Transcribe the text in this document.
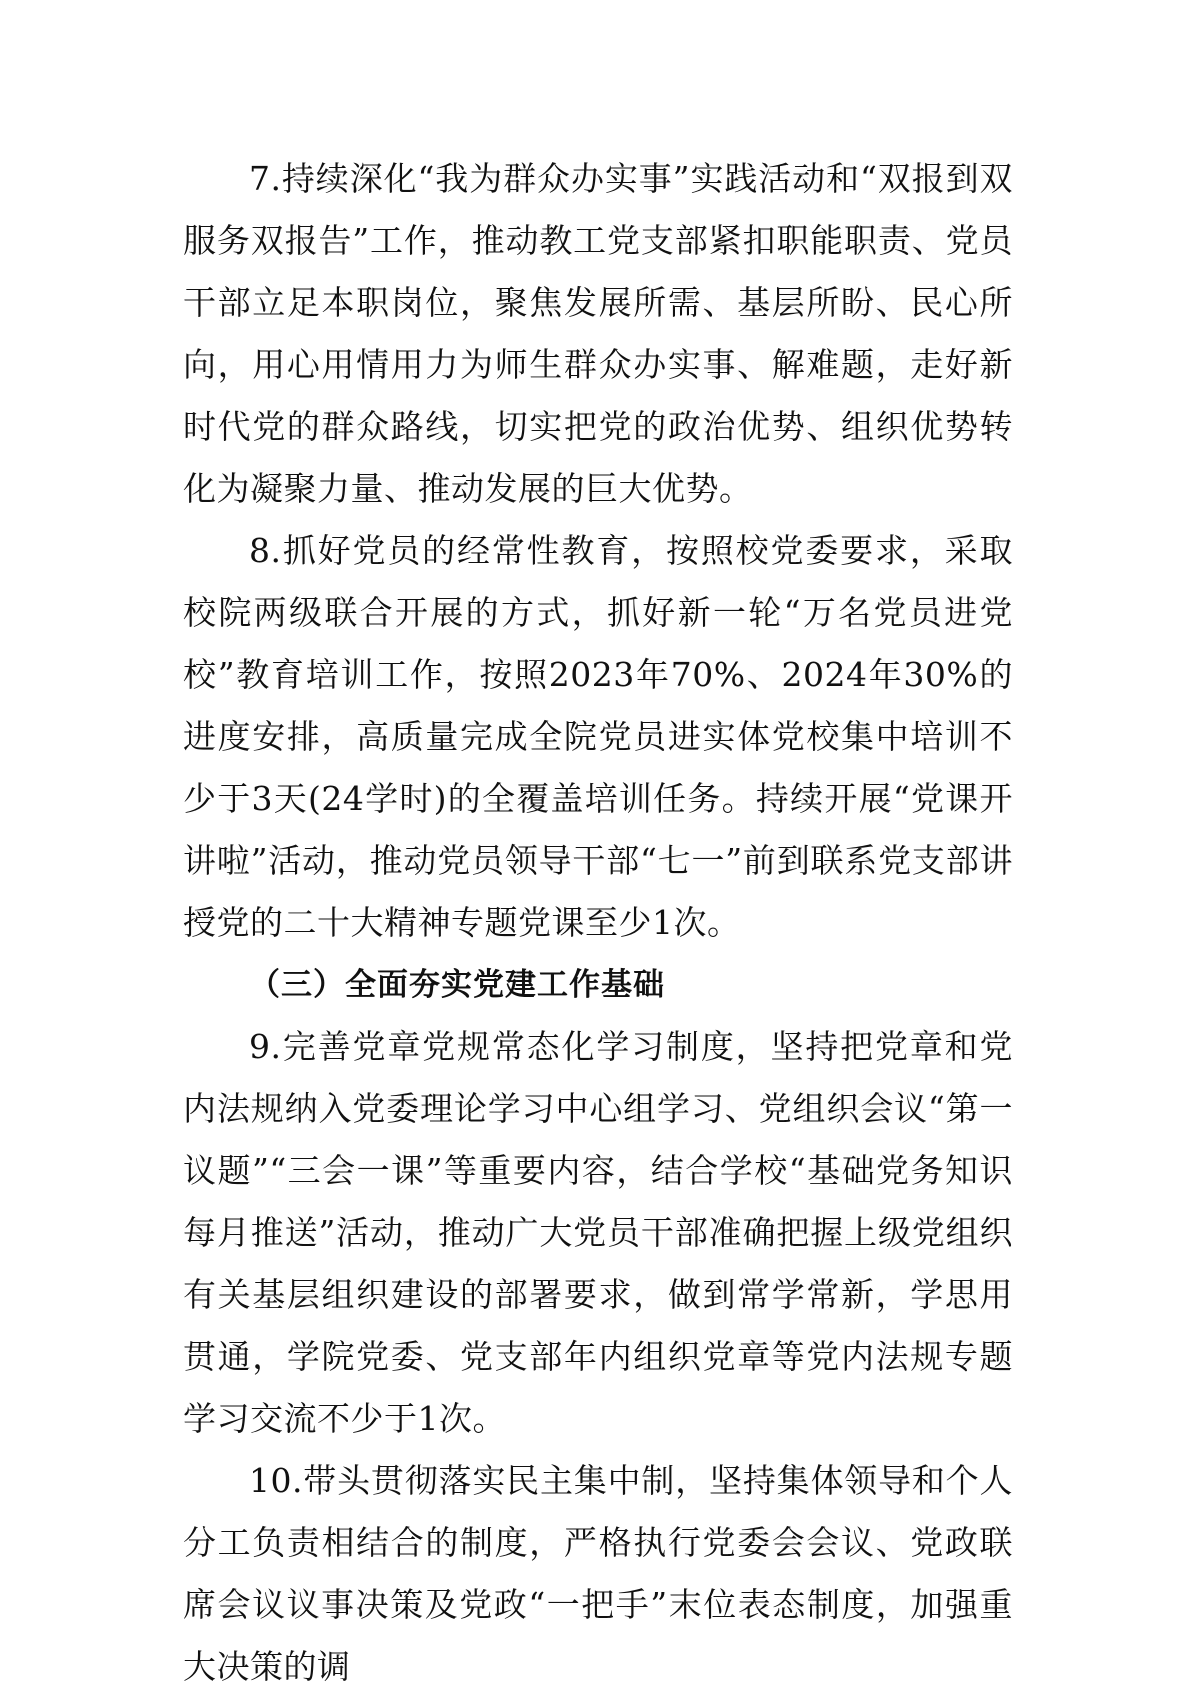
7.持续深化“我为群众办实事”实践活动和“双报到双服务双报告”工作，推动教工党支部紧扣职能职责、党员干部立足本职岗位，聚焦发展所需、基层所盼、民心所向，用心用情用力为师生群众办实事、解难题，走好新时代党的群众路线，切实把党的政治优势、组织优势转化为凝聚力量、推动发展的巨大优势。

8.抓好党员的经常性教育，按照校党委要求，采取校院两级联合开展的方式，抓好新一轮“万名党员进党校”教育培训工作，按照2023年70%、2024年30%的进度安排，高质量完成全院党员进实体党校集中培训不少于3天(24学时)的全覆盖培训任务。持续开展“党课开讲啦”活动，推动党员领导干部“七一”前到联系党支部讲授党的二十大精神专题党课至少1次。

（三）全面夯实党建工作基础

9.完善党章党规常态化学习制度，坚持把党章和党内法规纳入党委理论学习中心组学习、党组织会议“第一议题”“三会一课”等重要内容，结合学校“基础党务知识每月推送”活动，推动广大党员干部准确把握上级党组织有关基层组织建设的部署要求，做到常学常新，学思用贯通，学院党委、党支部年内组织党章等党内法规专题学习交流不少于1次。

10.带头贯彻落实民主集中制，坚持集体领导和个人分工负责相结合的制度，严格执行党委会会议、党政联席会议议事决策及党政“一把手”末位表态制度，加强重大决策的调
